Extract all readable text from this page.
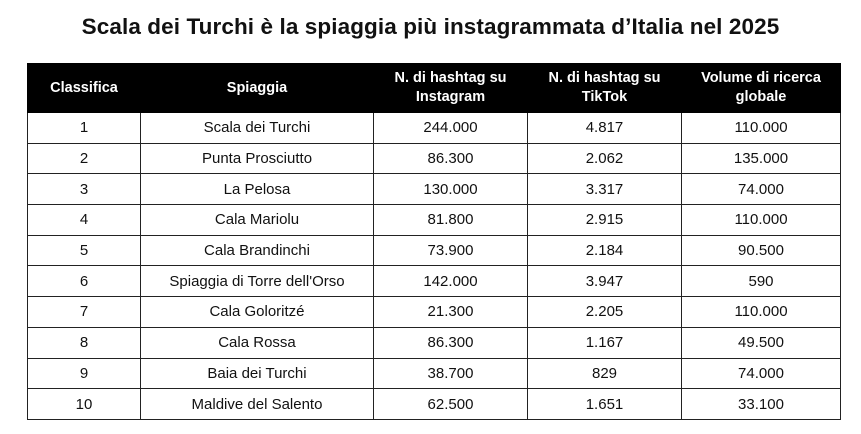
Scala dei Turchi è la spiaggia più instagrammata d’Italia nel 2025
Classifica	Spiaggia	N. di hashtag su Instagram	N. di hashtag su TikTok	Volume di ricerca globale
1	Scala dei Turchi	244.000	4.817	110.000
2	Punta Prosciutto	86.300	2.062	135.000
3	La Pelosa	130.000	3.317	74.000
4	Cala Mariolu	81.800	2.915	110.000
5	Cala Brandinchi	73.900	2.184	90.500
6	Spiaggia di Torre dell'Orso	142.000	3.947	590
7	Cala Goloritzé	21.300	2.205	110.000
8	Cala Rossa	86.300	1.167	49.500
9	Baia dei Turchi	38.700	829	74.000
10	Maldive del Salento	62.500	1.651	33.100
